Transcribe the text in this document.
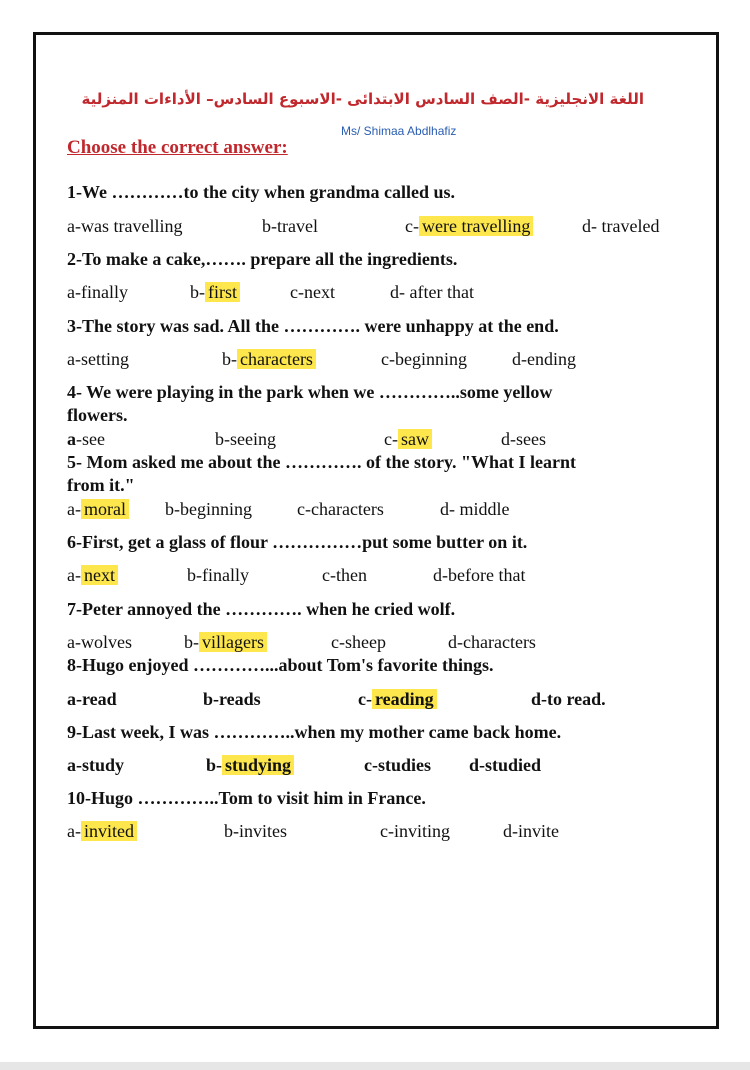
اللغة الانجليزية -الصف السادس الابتدائى -الاسبوع السادس– الأداءات المنزلية
Ms/ Shimaa Abdlhafiz
Choose the correct answer:
1-We …………to the city when grandma called us.
a-was travelling	b-travel	c- were travelling	d- traveled
2-To make a cake,……. prepare all the ingredients.
a-finally	b- first	c-next	d- after that
3-The story was sad. All the …………. were unhappy at the end.
a-setting	b- characters	c-beginning	d-ending
4- We were playing in the park when we …………..some yellow
flowers.
a-see	b-seeing	c- saw	d-sees
5- Mom asked me about the …………. of the story. "What I learnt
from it."
a- moral b-beginning	c-characters	d- middle
6-First, get a glass of flour ……………put some butter on it.
a- next	b-finally	c-then	d-before that
7-Peter annoyed the …………. when he cried wolf.
a-wolves	b- villagers	c-sheep	d-characters
8-Hugo enjoyed …………...about Tom's favorite things.
a-read	b-reads	c- reading	d-to read.
9-Last week, I was …………..when my mother came back home.
a-study	b- studying	c-studies d-studied
10-Hugo …………..Tom to visit him in France.
a- invited	b-invites	c-inviting	d-invite
